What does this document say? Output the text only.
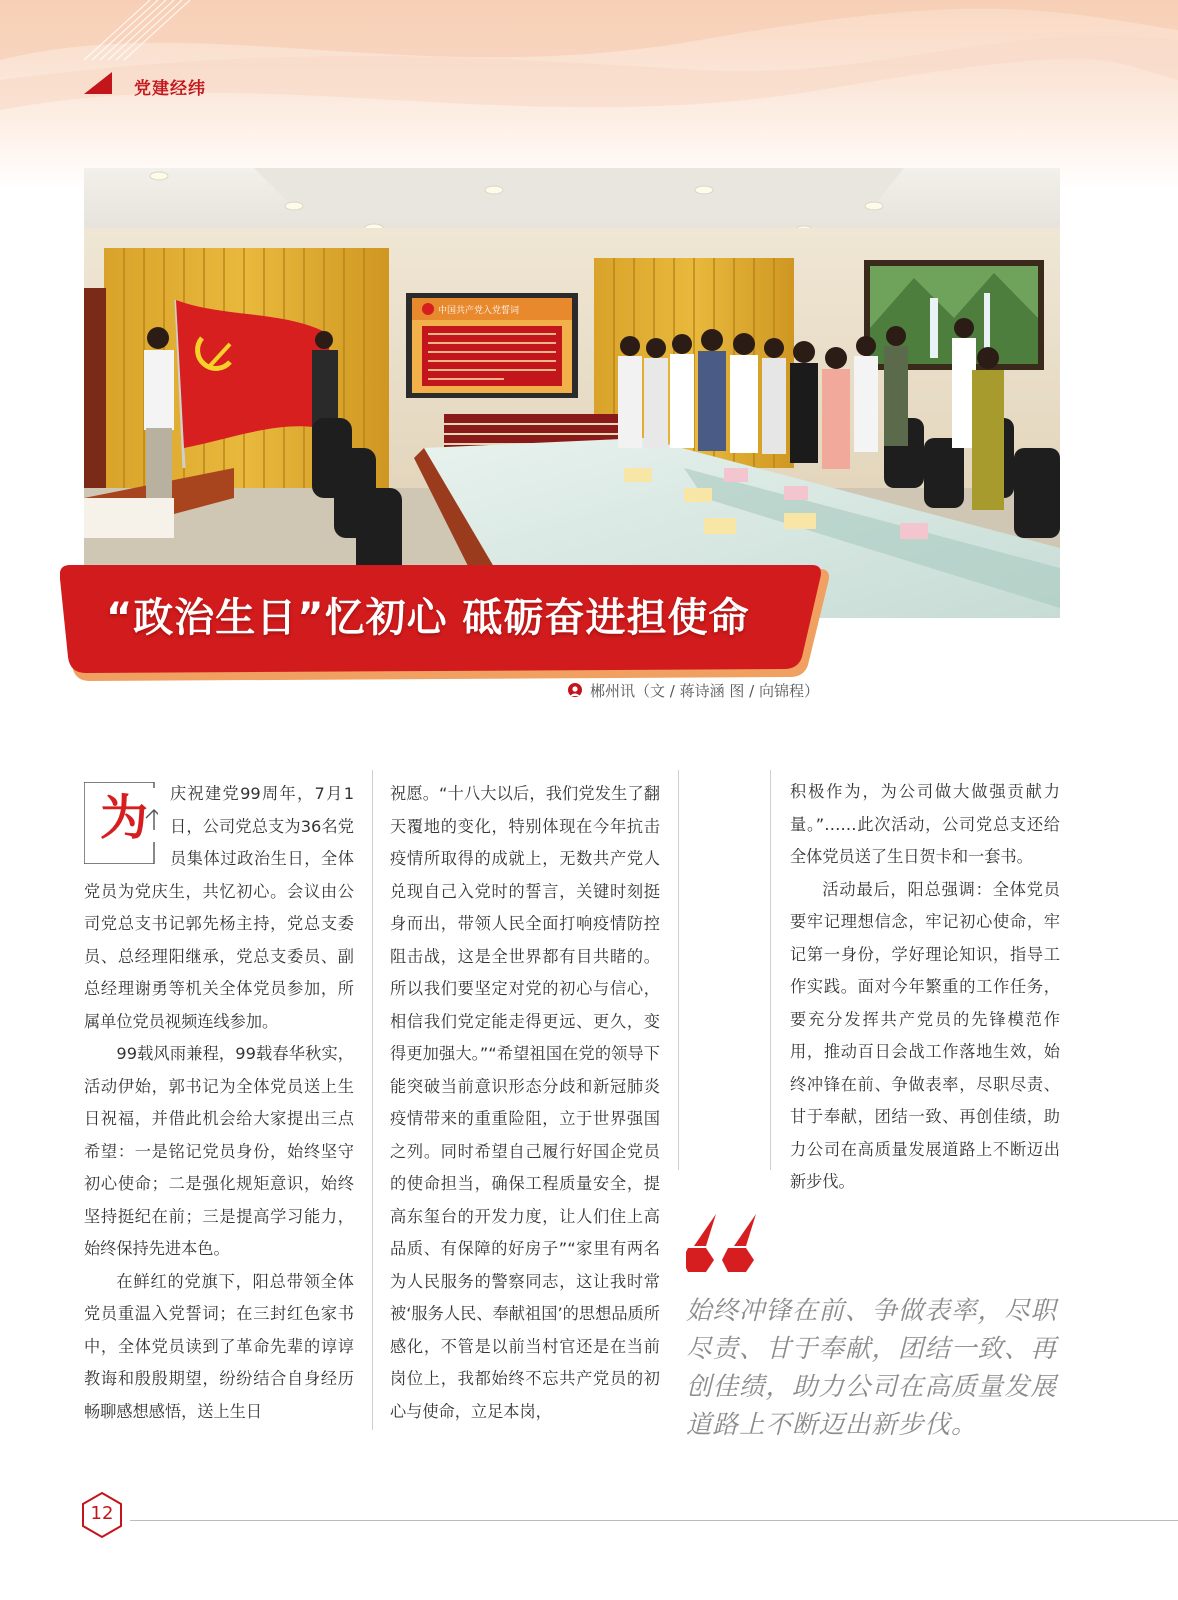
党建经纬
中国共产党入党誓词
“政治生日”忆初心 砥砺奋进担使命
郴州讯（文 / 蒋诗涵 图 / 向锦程）
为	庆祝建党99周年，7月1日，公司党总支为36名党员集体过政治生日，全体党员为党庆生，共忆初心。会议由公司党总支书记郭先杨主持，党总支委员、总经理阳继承，党总支委员、副总经理谢勇等机关全体党员参加，所属单位党员视频连线参加。

99载风雨兼程，99载春华秋实，活动伊始，郭书记为全体党员送上生日祝福，并借此机会给大家提出三点希望：一是铭记党员身份，始终坚守初心使命；二是强化规矩意识，始终坚持挺纪在前；三是提高学习能力，始终保持先进本色。

在鲜红的党旗下，阳总带领全体党员重温入党誓词；在三封红色家书中，全体党员读到了革命先辈的谆谆教诲和殷殷期望，纷纷结合自身经历畅聊感想感悟，送上生日

祝愿。“十八大以后，我们党发生了翻天覆地的变化，特别体现在今年抗击疫情所取得的成就上，无数共产党人兑现自己入党时的誓言，关键时刻挺身而出，带领人民全面打响疫情防控阻击战，这是全世界都有目共睹的。所以我们要坚定对党的初心与信心，相信我们党定能走得更远、更久，变得更加强大。”“希望祖国在党的领导下能突破当前意识形态分歧和新冠肺炎疫情带来的重重险阻，立于世界强国之列。同时希望自己履行好国企党员的使命担当，确保工程质量安全，提高东玺台的开发力度，让人们住上高品质、有保障的好房子”“家里有两名为人民服务的警察同志，这让我时常被‘服务人民、奉献祖国’的思想品质所感化，不管是以前当村官还是在当前岗位上，我都始终不忘共产党员的初心与使命，立足本岗，

积极作为，为公司做大做强贡献力量。”……此次活动，公司党总支还给全体党员送了生日贺卡和一套书。

活动最后，阳总强调：全体党员要牢记理想信念，牢记初心使命，牢记第一身份，学好理论知识，指导工作实践。面对今年繁重的工作任务，要充分发挥共产党员的先锋模范作用，推动百日会战工作落地生效，始终冲锋在前、争做表率，尽职尽责、甘于奉献，团结一致、再创佳绩，助力公司在高质量发展道路上不断迈出新步伐。

始终冲锋在前、争做表率，尽职尽责、甘于奉献，团结一致、再创佳绩，助力公司在高质量发展道路上不断迈出新步伐。
12
